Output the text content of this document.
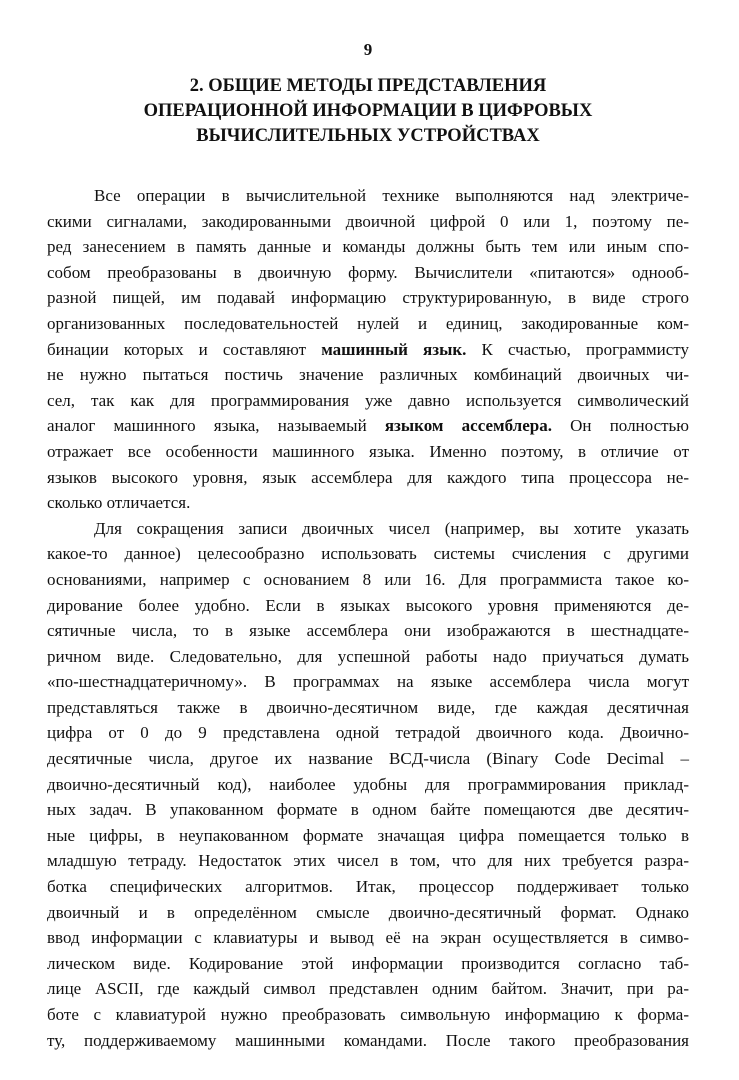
9
2. ОБЩИЕ МЕТОДЫ ПРЕДСТАВЛЕНИЯ
ОПЕРАЦИОННОЙ ИНФОРМАЦИИ В ЦИФРОВЫХ
ВЫЧИСЛИТЕЛЬНЫХ УСТРОЙСТВАХ
Все операции в вычислительной технике выполняются над электриче-
скими сигналами, закодированными двоичной цифрой 0 или 1, поэтому пе-
ред занесением в память данные и команды должны быть тем или иным спо-
собом преобразованы в двоичную форму. Вычислители «питаются» однооб-
разной пищей, им подавай информацию структурированную, в виде строго
организованных последовательностей нулей и единиц, закодированные ком-
бинации которых и составляют машинный язык. К счастью, программисту
не нужно пытаться постичь значение различных комбинаций двоичных чи-
сел, так как для программирования уже давно используется символический
аналог машинного языка, называемый языком ассемблера. Он полностью
отражает все особенности машинного языка. Именно поэтому, в отличие от
языков высокого уровня, язык ассемблера для каждого типа процессора не-
сколько отличается.
Для сокращения записи двоичных чисел (например, вы хотите указать
какое-то данное) целесообразно использовать системы счисления с другими
основаниями, например с основанием 8 или 16. Для программиста такое ко-
дирование более удобно. Если в языках высокого уровня применяются де-
сятичные числа, то в языке ассемблера они изображаются в шестнадцате-
ричном виде. Следовательно, для успешной работы надо приучаться думать
«по-шестнадцатеричному». В программах на языке ассемблера числа могут
представляться также в двоично-десятичном виде, где каждая десятичная
цифра от 0 до 9 представлена одной тетрадой двоичного кода. Двоично-
десятичные числа, другое их название BCД-числа (Binary Code Decimal –
двоично-десятичный код), наиболее удобны для программирования приклад-
ных задач. В упакованном формате в одном байте помещаются две десятич-
ные цифры, в неупакованном формате значащая цифра помещается только в
младшую тетраду. Недостаток этих чисел в том, что для них требуется разра-
ботка специфических алгоритмов. Итак, процессор поддерживает только
двоичный и в определённом смысле двоично-десятичный формат. Однако
ввод информации с клавиатуры и вывод её на экран осуществляется в симво-
лическом виде. Кодирование этой информации производится согласно таб-
лице ASCII, где каждый символ представлен одним байтом. Значит, при ра-
боте с клавиатурой нужно преобразовать символьную информацию к форма-
ту, поддерживаемому машинными командами. После такого преобразования
